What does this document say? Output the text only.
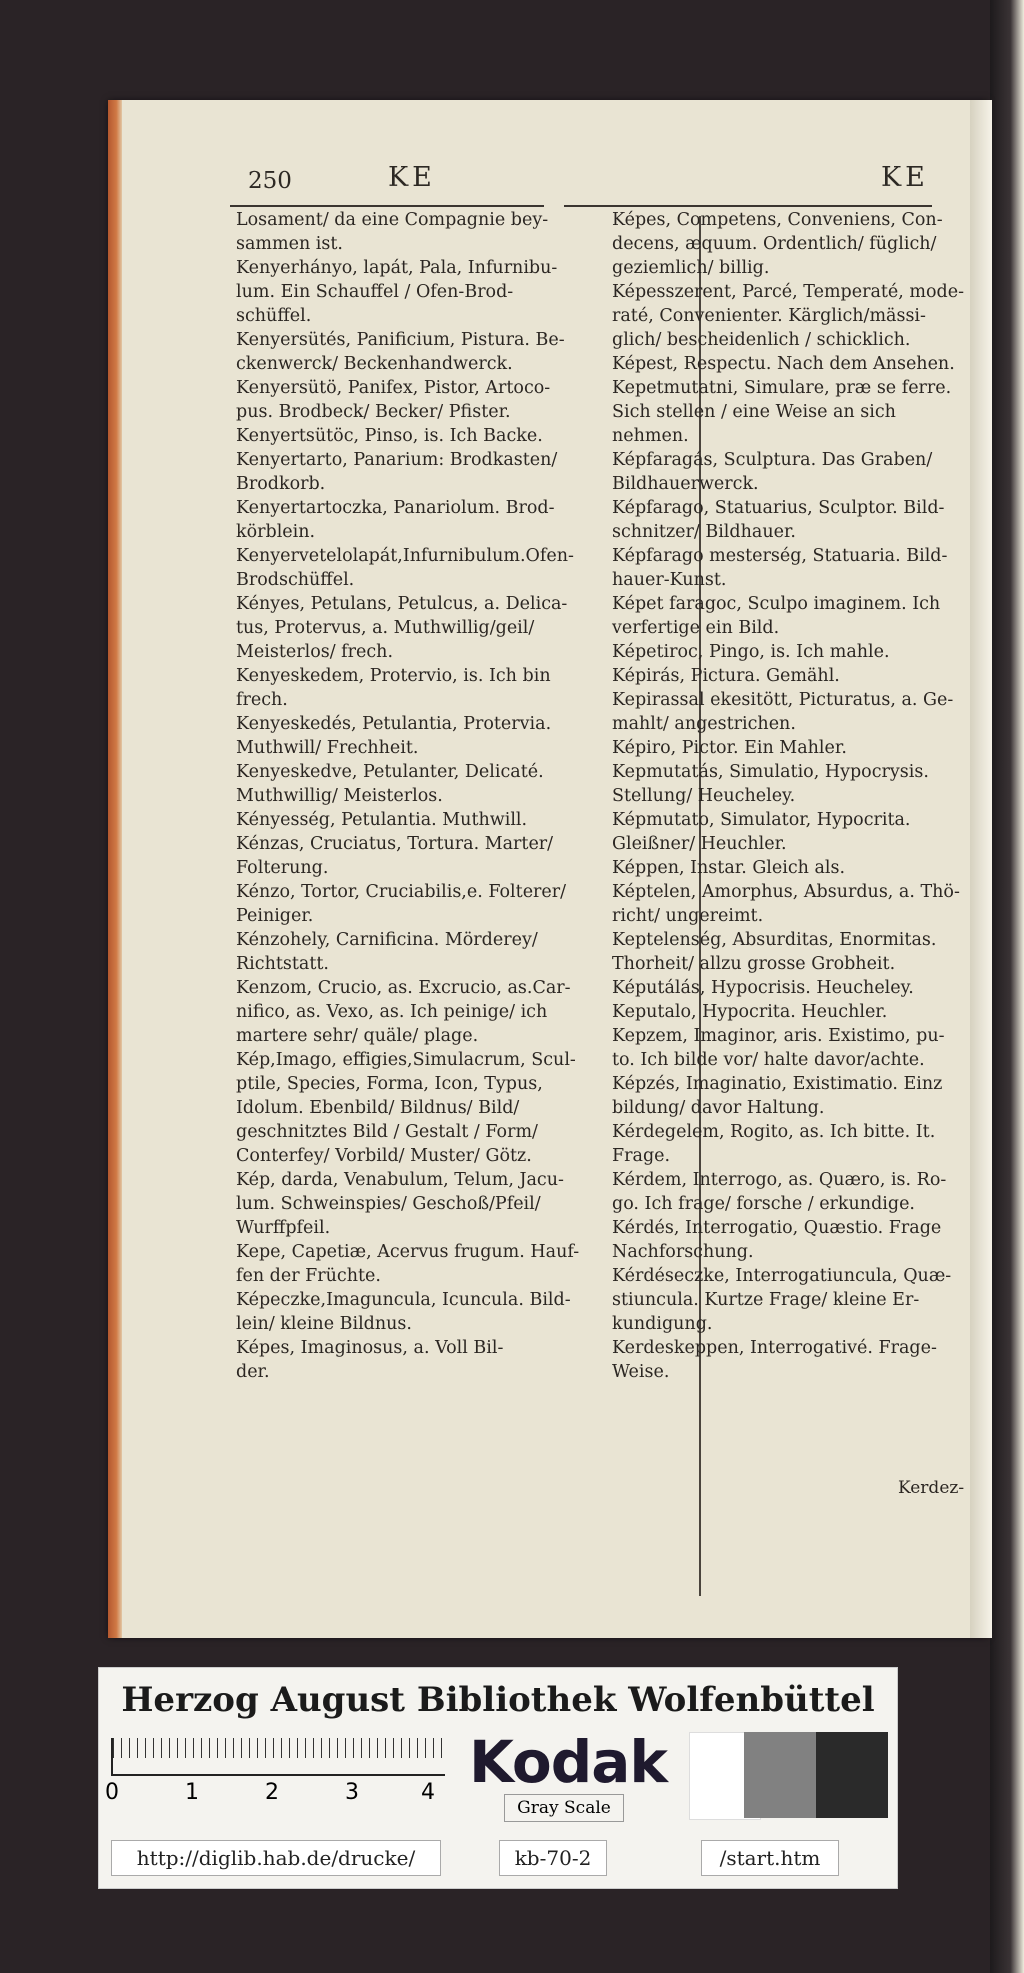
250	KE	KE
Losament/ da eine Compagnie bey-
sammen ist.
Kenyerhányo, lapát, Pala, Infurnibu-
lum. Ein Schauffel / Ofen-Brod-
schüffel.
Kenyersütés, Panificium, Pistura. Be-
ckenwerck/ Beckenhandwerck.
Kenyersütö, Panifex, Pistor, Artoco-
pus. Brodbeck/ Becker/ Pfister.
Kenyertsütöc, Pinso, is. Ich Backe.
Kenyertarto, Panarium: Brodkasten/
Brodkorb.
Kenyertartoczka, Panariolum. Brod-
körblein.
Kenyervetelolapát,Infurnibulum.Ofen-
Brodschüffel.
Kényes, Petulans, Petulcus, a. Delica-
tus, Protervus, a. Muthwillig/geil/
Meisterlos/ frech.
Kenyeskedem, Protervio, is. Ich bin
frech.
Kenyeskedés, Petulantia, Protervia.
Muthwill/ Frechheit.
Kenyeskedve, Petulanter, Delicaté.
Muthwillig/ Meisterlos.
Kényesség, Petulantia. Muthwill.
Kénzas, Cruciatus, Tortura. Marter/
Folterung.
Kénzo, Tortor, Cruciabilis,e. Folterer/
Peiniger.
Kénzohely, Carnificina. Mörderey/
Richtstatt.
Kenzom, Crucio, as. Excrucio, as.Car-
nifico, as. Vexo, as. Ich peinige/ ich
martere sehr/ quäle/ plage.
Kép,Imago, effigies,Simulacrum, Scul-
ptile, Species, Forma, Icon, Typus,
Idolum. Ebenbild/ Bildnus/ Bild/
geschnitztes Bild / Gestalt / Form/
Conterfey/ Vorbild/ Muster/ Götz.
Kép, darda, Venabulum, Telum, Jacu-
lum. Schweinspies/ Geschoß/Pfeil/
Wurffpfeil.
Kepe, Capetiæ, Acervus frugum. Hauf-
fen der Früchte.
Képeczke,Imaguncula, Icuncula. Bild-
lein/ kleine Bildnus.
Képes, Imaginosus, a. Voll Bil-
der.
Képes, Competens, Conveniens, Con-
decens, æquum. Ordentlich/ füglich/
geziemlich/ billig.
Képesszerent, Parcé, Temperaté, mode-
raté, Convenienter. Kärglich/mässi-
glich/ bescheidenlich / schicklich.
Képest, Respectu. Nach dem Ansehen.
Kepetmutatni, Simulare, præ se ferre.
Sich stellen / eine Weise an sich
nehmen.
Képfaragás, Sculptura. Das Graben/
Bildhauerwerck.
Képfarago, Statuarius, Sculptor. Bild-
schnitzer/ Bildhauer.
Képfarago mesterség, Statuaria. Bild-
hauer-Kunst.
Képet faragoc, Sculpo imaginem. Ich
verfertige ein Bild.
Képetiroc, Pingo, is. Ich mahle.
Képirás, Pictura. Gemähl.
Kepirassal ekesitött, Picturatus, a. Ge-
mahlt/ angestrichen.
Képiro, Pictor. Ein Mahler.
Kepmutatás, Simulatio, Hypocrysis.
Stellung/ Heucheley.
Képmutato, Simulator, Hypocrita.
Gleißner/ Heuchler.
Képpen, Instar. Gleich als.
Képtelen, Amorphus, Absurdus, a. Thö-
richt/ ungereimt.
Keptelenség, Absurditas, Enormitas.
Thorheit/ allzu grosse Grobheit.
Képutálás, Hypocrisis. Heucheley.
Keputalo, Hypocrita. Heuchler.
Kepzem, Imaginor, aris. Existimo, pu-
to. Ich bilde vor/ halte davor/achte.
Képzés, Imaginatio, Existimatio. Einz
bildung/ davor Haltung.
Kérdegelem, Rogito, as. Ich bitte. It.
Frage.
Kérdem, Interrogo, as. Quæro, is. Ro-
go. Ich frage/ forsche / erkundige.
Kérdés, Interrogatio, Quæstio. Frage
Nachforschung.
Kérdéseczke, Interrogatiuncula, Quæ-
stiuncula. Kurtze Frage/ kleine Er-
kundigung.
Kerdeskeppen, Interrogativé. Frage-
Weise.
Kerdez-
Herzog August Bibliothek Wolfenbüttel
0	1	2	3	4 Kodak
Gray Scale
http://diglib.hab.de/drucke/	kb-70-2	/start.htm
